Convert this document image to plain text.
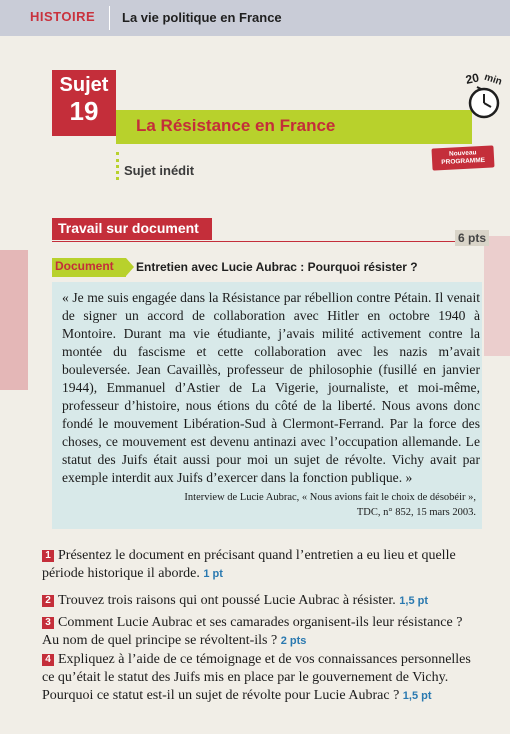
HISTOIRE La vie politique en France
Sujet
19	La Résistance en France
20 min
Nouveau
PROGRAMME
Sujet inédit
Travail sur document
6 pts
Document Entretien avec Lucie Aubrac : Pourquoi résister ?
« Je me suis engagée dans la Résistance par rébellion contre Pétain. Il venait de signer un accord de collaboration avec Hitler en octobre 1940 à Montoire. Durant ma vie étudiante, j’avais milité activement contre la montée du fascisme et cette collaboration avec les nazis m’avait bouleversée. Jean Cavaillès, professeur de philosophie (fusillé en janvier 1944), Emmanuel d’Astier de La Vigerie, journaliste, et moi-même, professeur d’histoire, nous étions du côté de la liberté. Nous avons donc fondé le mouvement Libération-Sud à Clermont-Ferrand. Par la force des choses, ce mouvement est devenu antinazi avec l’occupation allemande. Le statut des Juifs était aussi pour moi un sujet de révolte. Vichy avait par exemple interdit aux Juifs d’exercer dans la fonction publique. »
Interview de Lucie Aubrac, « Nous avions fait le choix de désobéir »,
TDC, n° 852, 15 mars 2003.
1 Présentez le document en précisant quand l’entretien a eu lieu et quelle période historique il aborde. 1 pt
2 Trouvez trois raisons qui ont poussé Lucie Aubrac à résister. 1,5 pt
3 Comment Lucie Aubrac et ses camarades organisent-ils leur résistance ? Au nom de quel principe se révoltent-ils ? 2 pts
4 Expliquez à l’aide de ce témoignage et de vos connaissances personnelles ce qu’était le statut des Juifs mis en place par le gouvernement de Vichy. Pourquoi ce statut est-il un sujet de révolte pour Lucie Aubrac ? 1,5 pt
